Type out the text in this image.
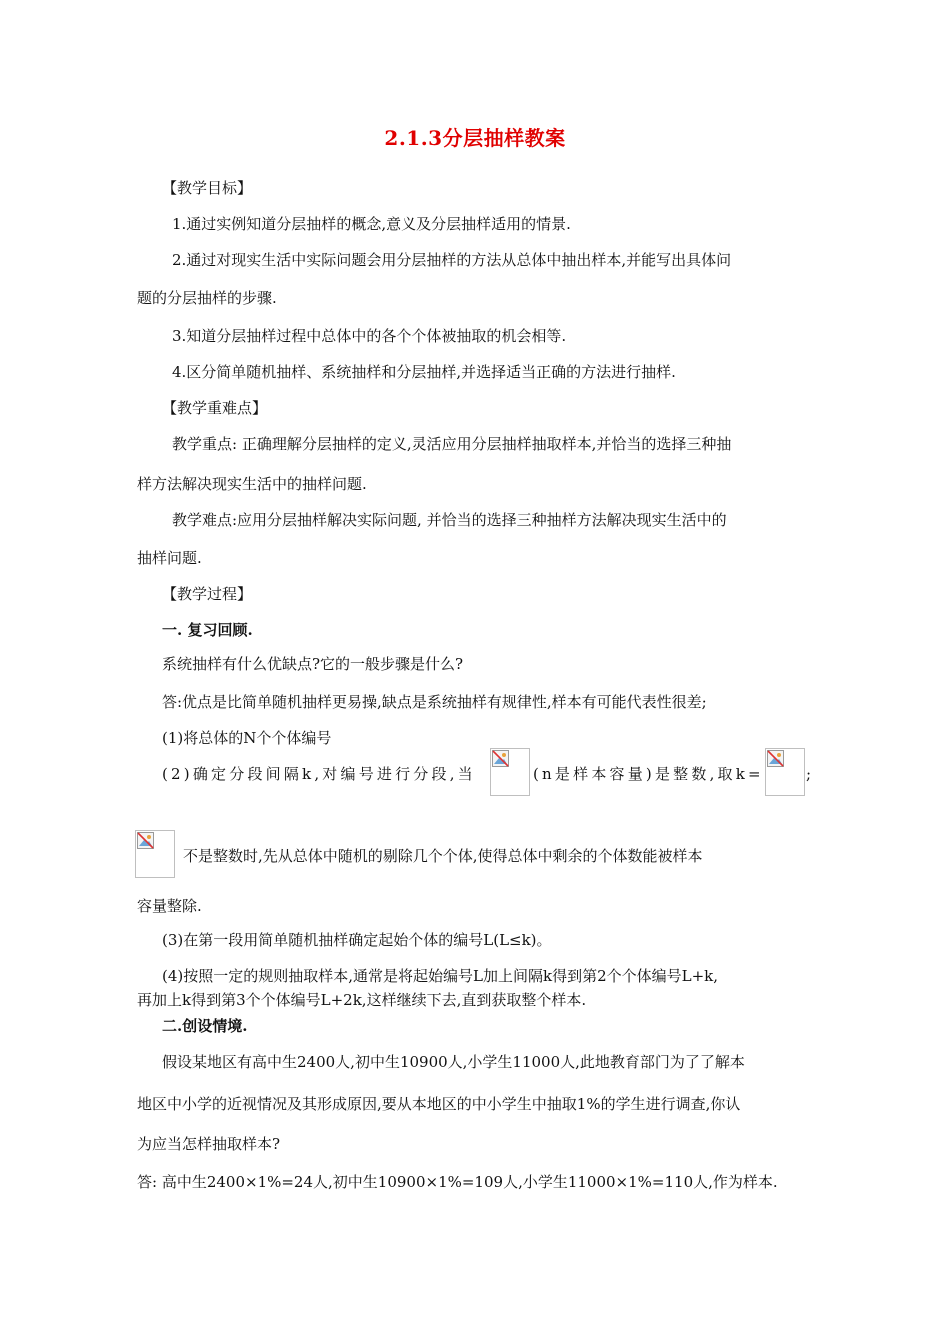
2.1.3分层抽样教案
【教学目标】
1.通过实例知道分层抽样的概念,意义及分层抽样适用的情景.
2.通过对现实生活中实际问题会用分层抽样的方法从总体中抽出样本,并能写出具体问
题的分层抽样的步骤.
3.知道分层抽样过程中总体中的各个个体被抽取的机会相等.
4.区分简单随机抽样、系统抽样和分层抽样,并选择适当正确的方法进行抽样.
【教学重难点】
教学重点: 正确理解分层抽样的定义,灵活应用分层抽样抽取样本,并恰当的选择三种抽
样方法解决现实生活中的抽样问题.
教学难点:应用分层抽样解决实际问题, 并恰当的选择三种抽样方法解决现实生活中的
抽样问题.
【教学过程】
一. 复习回顾.
系统抽样有什么优缺点?它的一般步骤是什么?
答:优点是比简单随机抽样更易操,缺点是系统抽样有规律性,样本有可能代表性很差;
(1)将总体的N个个体编号
(2)确定分段间隔k,对编号进行分段,当	(n是样本容量)是整数,取k=	;
不是整数时,先从总体中随机的剔除几个个体,使得总体中剩余的个体数能被样本
容量整除.
(3)在第一段用简单随机抽样确定起始个体的编号L(L≤k)。
(4)按照一定的规则抽取样本,通常是将起始编号L加上间隔k得到第2个个体编号L+k,
再加上k得到第3个个体编号L+2k,这样继续下去,直到获取整个样本.
二.创设情境.
假设某地区有高中生2400人,初中生10900人,小学生11000人,此地教育部门为了了解本
地区中小学的近视情况及其形成原因,要从本地区的中小学生中抽取1%的学生进行调查,你认
为应当怎样抽取样本?
答: 高中生2400×1%=24人,初中生10900×1%=109人,小学生11000×1%=110人,作为样本.
